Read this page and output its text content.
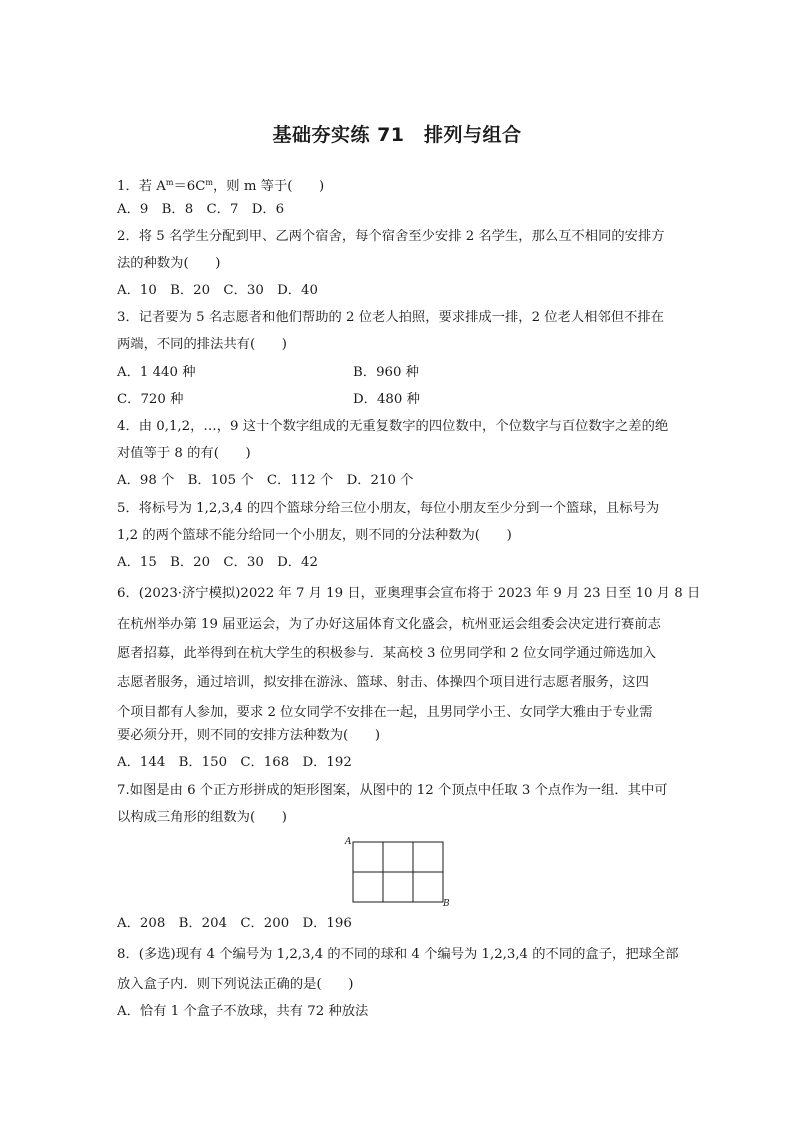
基础夯实练 71　排列与组合
1．若 $A^m=6C^m$，则 m 等于(　　)
A．9　B．8　C．7　D．6
2．将 5 名学生分配到甲、乙两个宿舍，每个宿舍至少安排 2 名学生，那么互不相同的安排方
法的种数为(　　)
A．10　B．20　C．30　D．40
3．记者要为 5 名志愿者和他们帮助的 2 位老人拍照，要求排成一排，2 位老人相邻但不排在
两端，不同的排法共有(　　)
A．1 440 种	B．960 种
C．720 种	D．480 种
4．由 0,1,2，…，9 这十个数字组成的无重复数字的四位数中，个位数字与百位数字之差的绝
对值等于 8 的有(　　)
A．98 个　B．105 个　C．112 个　D．210 个
5．将标号为 1,2,3,4 的四个篮球分给三位小朋友，每位小朋友至少分到一个篮球，且标号为
1,2 的两个篮球不能分给同一个小朋友，则不同的分法种数为(　　)
A．15　B．20　C．30　D．42
6．(2023·济宁模拟)2022 年 7 月 19 日，亚奥理事会宣布将于 2023 年 9 月 23 日至 10 月 8 日
在杭州举办第 19 届亚运会，为了办好这届体育文化盛会，杭州亚运会组委会决定进行赛前志
愿者招募，此举得到在杭大学生的积极参与．某高校 3 位男同学和 2 位女同学通过筛选加入
志愿者服务，通过培训，拟安排在游泳、篮球、射击、体操四个项目进行志愿者服务，这四
个项目都有人参加，要求 2 位女同学不安排在一起，且男同学小王、女同学大雅由于专业需
要必须分开，则不同的安排方法种数为(　　)
A．144　B．150　C．168　D．192
7.如图是由 6 个正方形拼成的矩形图案，从图中的 12 个顶点中任取 3 个点作为一组．其中可
以构成三角形的组数为(　　)
A
B
A．208　B．204　C．200　D．196
8．(多选)现有 4 个编号为 1,2,3,4 的不同的球和 4 个编号为 1,2,3,4 的不同的盒子，把球全部
放入盒子内．则下列说法正确的是(　　)
A．恰有 1 个盒子不放球，共有 72 种放法
